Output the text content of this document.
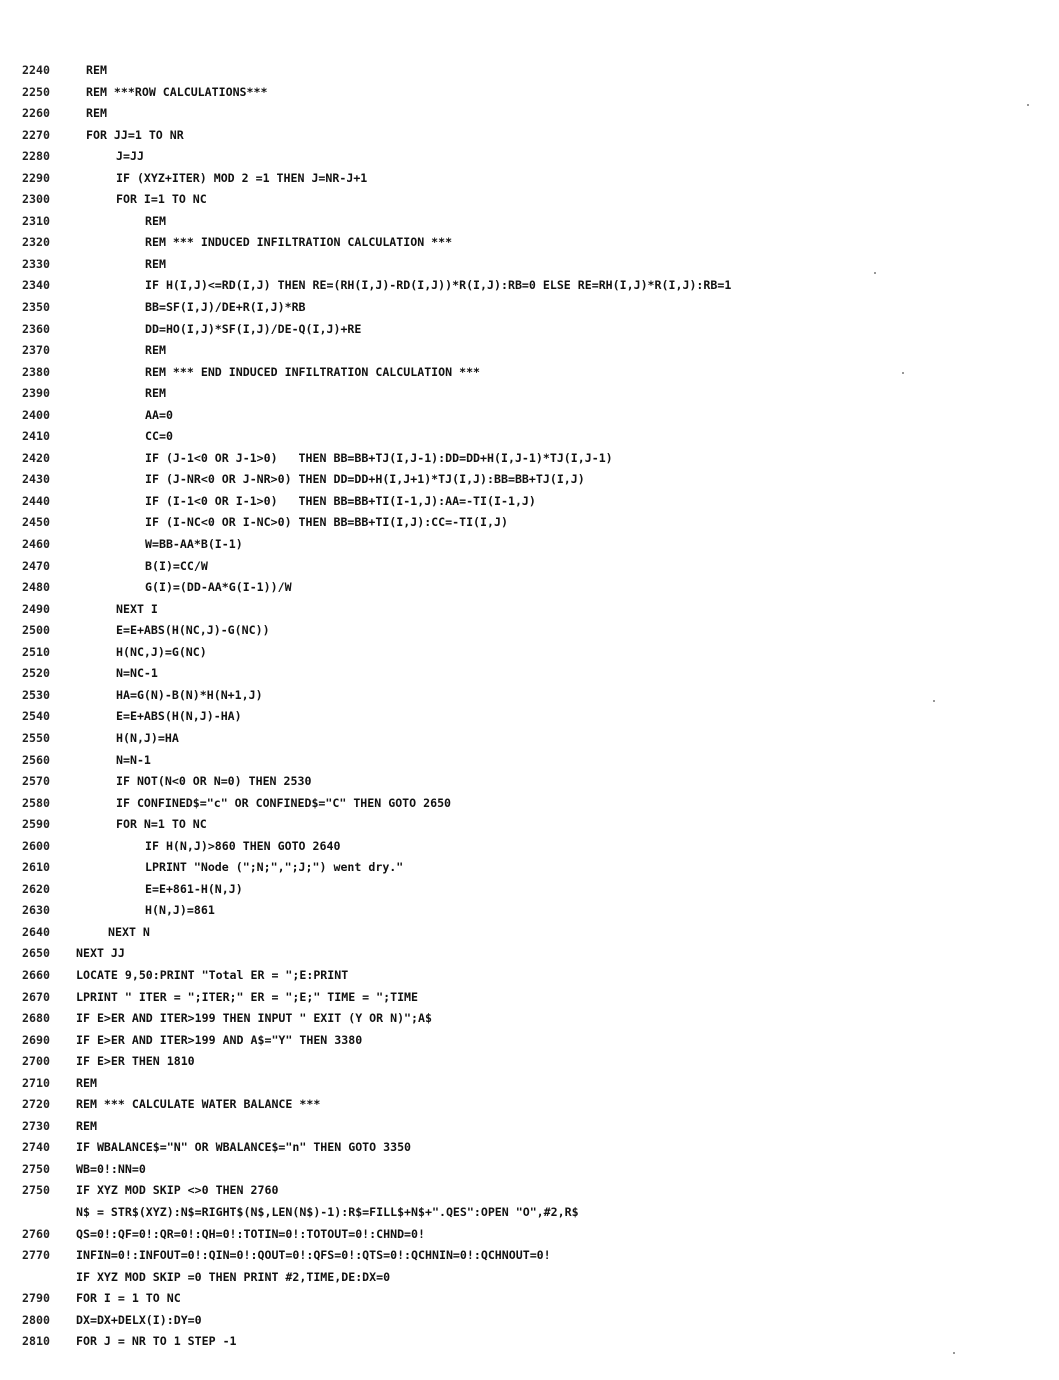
2240	REM
2250	REM ***ROW CALCULATIONS***
2260	REM
2270	FOR JJ=1 TO NR
2280	J=JJ
2290	IF (XYZ+ITER) MOD 2 =1 THEN J=NR-J+1
2300	FOR I=1 TO NC
2310	REM
2320	REM *** INDUCED INFILTRATION CALCULATION ***
2330	REM
2340	IF H(I,J)<=RD(I,J) THEN RE=(RH(I,J)-RD(I,J))*R(I,J):RB=0 ELSE RE=RH(I,J)*R(I,J):RB=1
2350	BB=SF(I,J)/DE+R(I,J)*RB
2360	DD=HO(I,J)*SF(I,J)/DE-Q(I,J)+RE
2370	REM
2380	REM *** END INDUCED INFILTRATION CALCULATION ***
2390	REM
2400	AA=0
2410	CC=0
2420	IF (J-1<0 OR J-1>0)   THEN BB=BB+TJ(I,J-1):DD=DD+H(I,J-1)*TJ(I,J-1)
2430	IF (J-NR<0 OR J-NR>0) THEN DD=DD+H(I,J+1)*TJ(I,J):BB=BB+TJ(I,J)
2440	IF (I-1<0 OR I-1>0)   THEN BB=BB+TI(I-1,J):AA=-TI(I-1,J)
2450	IF (I-NC<0 OR I-NC>0) THEN BB=BB+TI(I,J):CC=-TI(I,J)
2460	W=BB-AA*B(I-1)
2470	B(I)=CC/W
2480	G(I)=(DD-AA*G(I-1))/W
2490	NEXT I
2500	E=E+ABS(H(NC,J)-G(NC))
2510	H(NC,J)=G(NC)
2520	N=NC-1
2530	HA=G(N)-B(N)*H(N+1,J)
2540	E=E+ABS(H(N,J)-HA)
2550	H(N,J)=HA
2560	N=N-1
2570	IF NOT(N<0 OR N=0) THEN 2530
2580	IF CONFINED$="c" OR CONFINED$="C" THEN GOTO 2650
2590	FOR N=1 TO NC
2600	IF H(N,J)>860 THEN GOTO 2640
2610	LPRINT "Node (";N;",";J;") went dry."
2620	E=E+861-H(N,J)
2630	H(N,J)=861
2640	NEXT N
2650	NEXT JJ
2660	LOCATE 9,50:PRINT "Total ER = ";E:PRINT
2670	LPRINT " ITER = ";ITER;" ER = ";E;" TIME = ";TIME
2680	IF E>ER AND ITER>199 THEN INPUT " EXIT (Y OR N)";A$
2690	IF E>ER AND ITER>199 AND A$="Y" THEN 3380
2700	IF E>ER THEN 1810
2710	REM
2720	REM *** CALCULATE WATER BALANCE ***
2730	REM
2740	IF WBALANCE$="N" OR WBALANCE$="n" THEN GOTO 3350
2750	WB=0!:NN=0
2750	IF XYZ MOD SKIP <>0 THEN 2760
N$ = STR$(XYZ):N$=RIGHT$(N$,LEN(N$)-1):R$=FILL$+N$+".QES":OPEN "O",#2,R$
2760	QS=0!:QF=0!:QR=0!:QH=0!:TOTIN=0!:TOTOUT=0!:CHND=0!
2770	INFIN=0!:INFOUT=0!:QIN=0!:QOUT=0!:QFS=0!:QTS=0!:QCHNIN=0!:QCHNOUT=0!
IF XYZ MOD SKIP =0 THEN PRINT #2,TIME,DE:DX=0
2790	FOR I = 1 TO NC
2800	DX=DX+DELX(I):DY=0
2810	FOR J = NR TO 1 STEP -1
